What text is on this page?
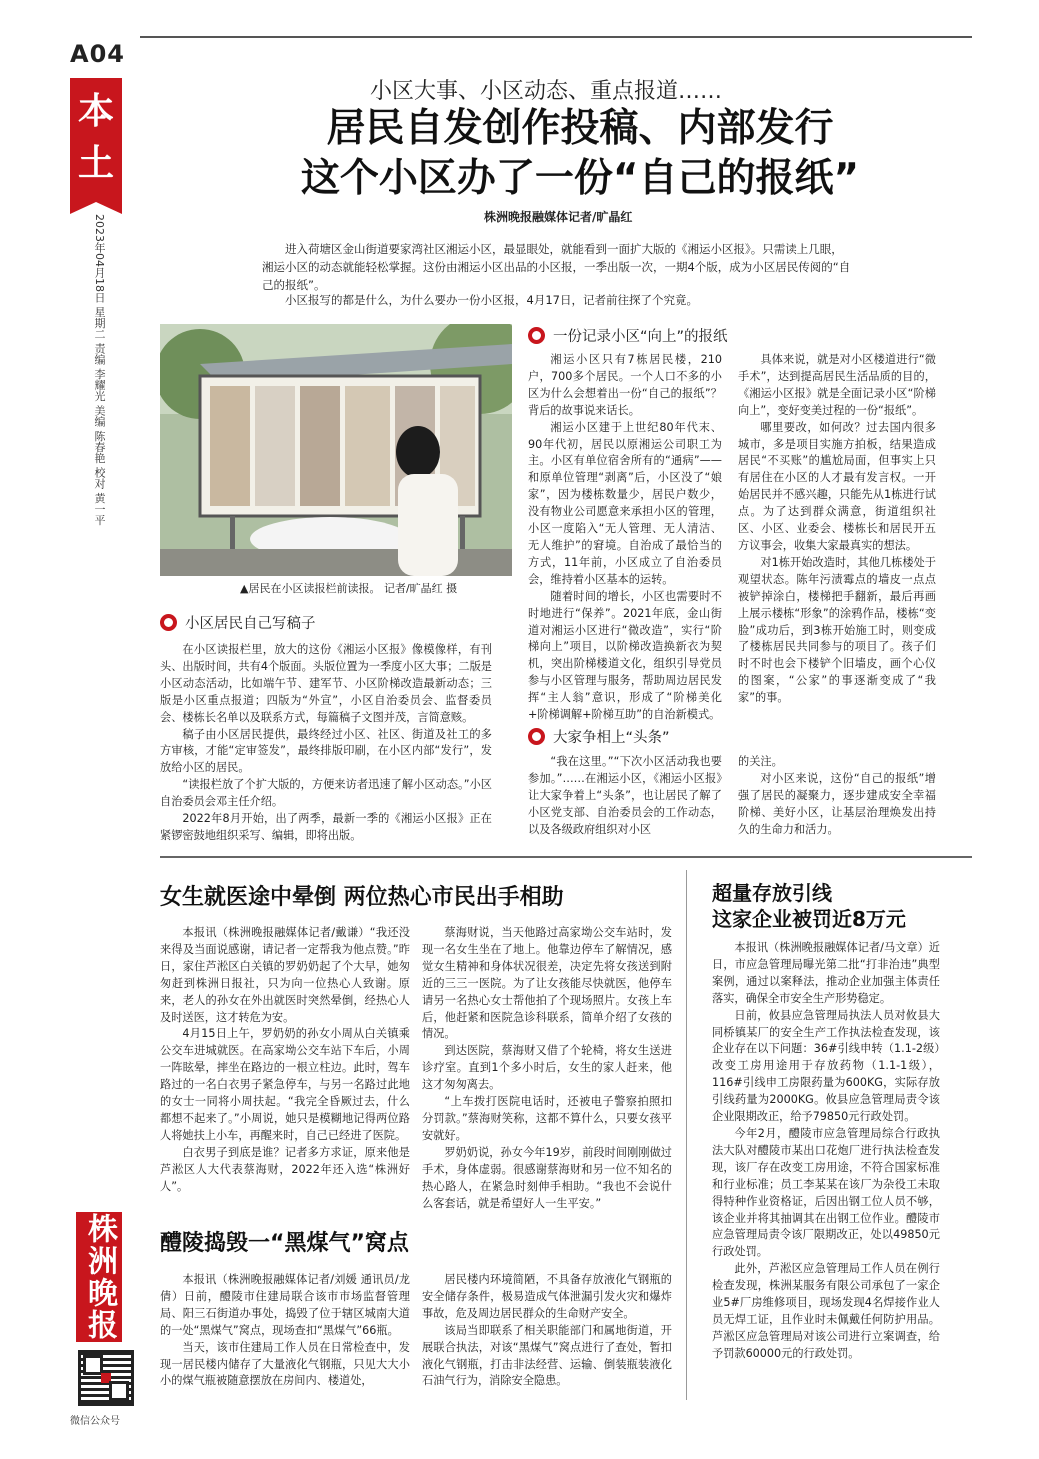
A04
本土
2023年04月18日 星期二 责编 李耀光 美编 陈春艳 校对 黄一平
株洲晚报
微信公众号
小区大事、小区动态、重点报道……
居民自发创作投稿、内部发行
这个小区办了一份“自己的报纸”
株洲晚报融媒体记者/旷晶红
进入荷塘区金山街道要家湾社区湘运小区，最显眼处，就能看到一面扩大版的《湘运小区报》。只需读上几眼，湘运小区的动态就能轻松掌握。这份由湘运小区出品的小区报，一季出版一次，一期4个版，成为小区居民传阅的“自己的报纸”。
小区报写的都是什么，为什么要办一份小区报，4月17日，记者前往探了个究竟。
▲居民在小区读报栏前读报。 记者/旷晶红 摄
一份记录小区“向上”的报纸

湘运小区只有7栋居民楼，210户，700多个居民。一个人口不多的小区为什么会想着出一份“自己的报纸”？背后的故事说来话长。

湘运小区建于上世纪80年代末、90年代初，居民以原湘运公司职工为主。小区有单位宿舍所有的“通病”——和原单位管理“剥离”后，小区没了“娘家”，因为楼栋数量少，居民户数少，没有物业公司愿意来承担小区的管理，小区一度陷入“无人管理、无人清洁、无人维护”的窘境。自治成了最恰当的方式，11年前，小区成立了自治委员会，维持着小区基本的运转。

随着时间的增长，小区也需要时不时地进行“保养”。2021年底，金山街道对湘运小区进行“微改造”，实行“阶梯向上”项目，以阶梯改造换新衣为契机，突出阶梯楼道文化，组织引导党员参与小区管理与服务，帮助周边居民发挥“主人翁”意识，形成了“阶梯美化+阶梯调解+阶梯互助”的自治新模式。

具体来说，就是对小区楼道进行“微手术”，达到提高居民生活品质的目的，《湘运小区报》就是全面记录小区“阶梯向上”，变好变美过程的一份“报纸”。

哪里要改，如何改？过去国内很多城市，多是项目实施方拍板，结果造成居民“不买账”的尴尬局面，但事实上只有居住在小区的人才最有发言权。一开始居民并不感兴趣，只能先从1栋进行试点。为了达到群众满意，街道组织社区、小区、业委会、楼栋长和居民开五方议事会，收集大家最真实的想法。

对1栋开始改造时，其他几栋楼处于观望状态。陈年污渍霉点的墙皮一点点被铲掉涂白，楼梯把手翻新，最后再画上展示楼栋“形象”的涂鸦作品，楼栋“变脸”成功后，到3栋开始施工时，则变成了楼栋居民共同参与的项目了。孩子们时不时也会下楼铲个旧墙皮，画个心仪的图案，“公家”的事逐渐变成了“我家”的事。

小区居民自己写稿子

在小区读报栏里，放大的这份《湘运小区报》像模像样，有刊头、出版时间，共有4个版面。头版位置为一季度小区大事；二版是小区动态活动，比如端午节、建军节、小区阶梯改造最新动态；三版是小区重点报道；四版为“外宣”，小区自治委员会、监督委员会、楼栋长名单以及联系方式，每篇稿子文图并茂，言简意赅。

稿子由小区居民提供，最终经过小区、社区、街道及社工的多方审核，才能“定审签发”，最终排版印刷，在小区内部“发行”，发放给小区的居民。

“读报栏放了个扩大版的，方便来访者迅速了解小区动态。”小区自治委员会邓主任介绍。

2022年8月开始，出了两季，最新一季的《湘运小区报》正在紧锣密鼓地组织采写、编辑，即将出版。

大家争相上“头条”

“我在这里。”“下次小区活动我也要参加。”……在湘运小区，《湘运小区报》让大家争着上“头条”，也让居民了解了小区党支部、自治委员会的工作动态，以及各级政府组织对小区

的关注。

对小区来说，这份“自己的报纸”增强了居民的凝聚力，逐步建成安全幸福阶梯、美好小区，让基层治理焕发出持久的生命力和活力。

女生就医途中晕倒 两位热心市民出手相助

本报讯（株洲晚报融媒体记者/戴谦）“我还没来得及当面说感谢，请记者一定帮我为他点赞。”昨日，家住芦淞区白关镇的罗奶奶起了个大早，她匆匆赶到株洲日报社，只为向一位热心人致谢。原来，老人的孙女在外出就医时突然晕倒，经热心人及时送医，这才转危为安。

4月15日上午，罗奶奶的孙女小周从白关镇乘公交车进城就医。在高家坳公交车站下车后，小周一阵眩晕，摔坐在路边的一根立柱边。此时，驾车路过的一名白衣男子紧急停车，与另一名路过此地的女士一同将小周扶起。“我完全昏厥过去，什么都想不起来了。”小周说，她只是模糊地记得两位路人将她扶上小车，再醒来时，自己已经进了医院。

白衣男子到底是谁？记者多方求证，原来他是芦淞区人大代表蔡海财，2022年还入选“株洲好人”。

蔡海财说，当天他路过高家坳公交车站时，发现一名女生坐在了地上。他靠边停车了解情况，感觉女生精神和身体状况很差，决定先将女孩送到附近的三三一医院。为了让女孩能尽快就医，他停车请另一名热心女士帮他拍了个现场照片。女孩上车后，他赶紧和医院急诊科联系，简单介绍了女孩的情况。

到达医院，蔡海财又借了个轮椅，将女生送进诊疗室。直到1个多小时后，女生的家人赶来，他这才匆匆离去。

“上车拨打医院电话时，还被电子警察拍照扣分罚款。”蔡海财笑称，这都不算什么，只要女孩平安就好。

罗奶奶说，孙女今年19岁，前段时间刚刚做过手术，身体虚弱。很感谢蔡海财和另一位不知名的热心路人，在紧急时刻伸手相助。“我也不会说什么客套话，就是希望好人一生平安。”

醴陵捣毁一“黑煤气”窝点

本报讯（株洲晚报融媒体记者/刘媛 通讯员/龙倩）日前，醴陵市住建局联合该市市场监督管理局、阳三石街道办事处，捣毁了位于辖区城南大道的一处“黑煤气”窝点，现场查扣“黑煤气”66瓶。

当天，该市住建局工作人员在日常检查中，发现一居民楼内储存了大量液化气钢瓶，只见大大小小的煤气瓶被随意摆放在房间内、楼道处，

居民楼内环境简陋，不具备存放液化气钢瓶的安全储存条件，极易造成气体泄漏引发火灾和爆炸事故，危及周边居民群众的生命财产安全。

该局当即联系了相关职能部门和属地街道，开展联合执法，对该“黑煤气”窝点进行了查处，暂扣液化气钢瓶，打击非法经营、运输、倒装瓶装液化石油气行为，消除安全隐患。

超量存放引线
这家企业被罚近8万元

本报讯（株洲晚报融媒体记者/马文章）近日，市应急管理局曝光第二批“打非治违”典型案例，通过以案释法，推动企业加强主体责任落实，确保全市安全生产形势稳定。

日前，攸县应急管理局执法人员对攸县大同桥镇某厂的安全生产工作执法检查发现，该企业存在以下问题：36#引线申转（1.1-2级）改变工房用途用于存放药物（1.1-1级），116#引线申工房限药量为600KG，实际存放引线药量为2000KG。攸县应急管理局责令该企业限期改正，给予79850元行政处罚。

今年2月，醴陵市应急管理局综合行政执法大队对醴陵市某出口花炮厂进行执法检查发现，该厂存在改变工房用途，不符合国家标准和行业标准；员工李某某在该厂为杂役工未取得特种作业资格证，后因出钢工位人员不够，该企业并将其抽调其在出钢工位作业。醴陵市应急管理局责令该厂限期改正，处以49850元行政处罚。

此外，芦淞区应急管理局工作人员在例行检查发现，株洲某服务有限公司承包了一家企业5#厂房维修项目，现场发现4名焊接作业人员无焊工证，且作业时未佩戴任何防护用品。芦淞区应急管理局对该公司进行立案调查，给予罚款60000元的行政处罚。
